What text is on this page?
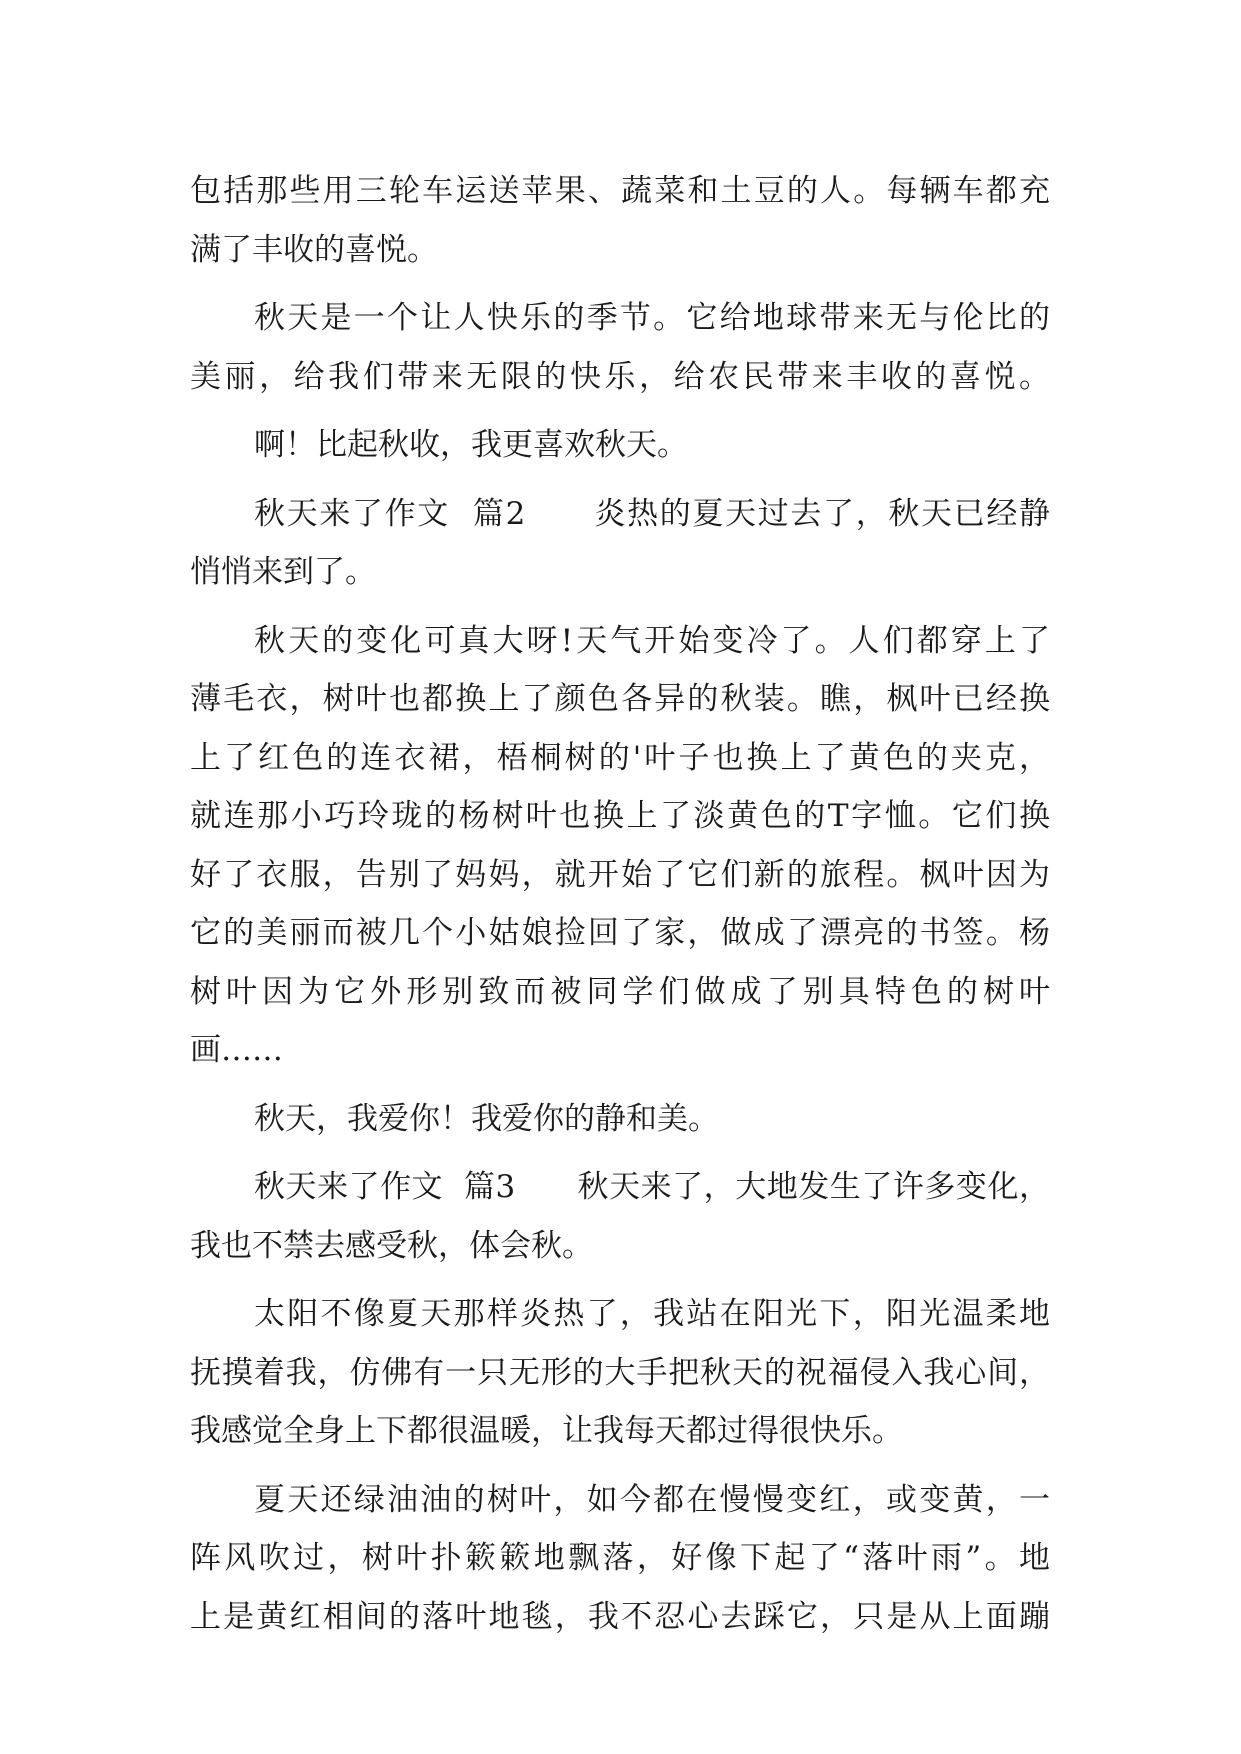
包括那些用三轮车运送苹果、蔬菜和土豆的人。每辆车都充
满了丰收的喜悦。
秋天是一个让人快乐的季节。它给地球带来无与伦比的
美丽，给我们带来无限的快乐，给农民带来丰收的喜悦。
啊！比起秋收，我更喜欢秋天。
秋天来了作文  篇2      炎热的夏天过去了，秋天已经静
悄悄来到了。
秋天的变化可真大呀!天气开始变冷了。人们都穿上了
薄毛衣，树叶也都换上了颜色各异的秋装。瞧，枫叶已经换
上了红色的连衣裙，梧桐树的'叶子也换上了黄色的夹克，
就连那小巧玲珑的杨树叶也换上了淡黄色的T字恤。它们换
好了衣服，告别了妈妈，就开始了它们新的旅程。枫叶因为
它的美丽而被几个小姑娘捡回了家，做成了漂亮的书签。杨
树叶因为它外形别致而被同学们做成了别具特色的树叶
画……
秋天，我爱你！我爱你的静和美。
秋天来了作文  篇3      秋天来了，大地发生了许多变化，
我也不禁去感受秋，体会秋。
太阳不像夏天那样炎热了，我站在阳光下，阳光温柔地
抚摸着我，仿佛有一只无形的大手把秋天的祝福侵入我心间，
我感觉全身上下都很温暖，让我每天都过得很快乐。
夏天还绿油油的树叶，如今都在慢慢变红，或变黄，一
阵风吹过，树叶扑簌簌地飘落，好像下起了“落叶雨”。地
上是黄红相间的落叶地毯，我不忍心去踩它，只是从上面蹦
